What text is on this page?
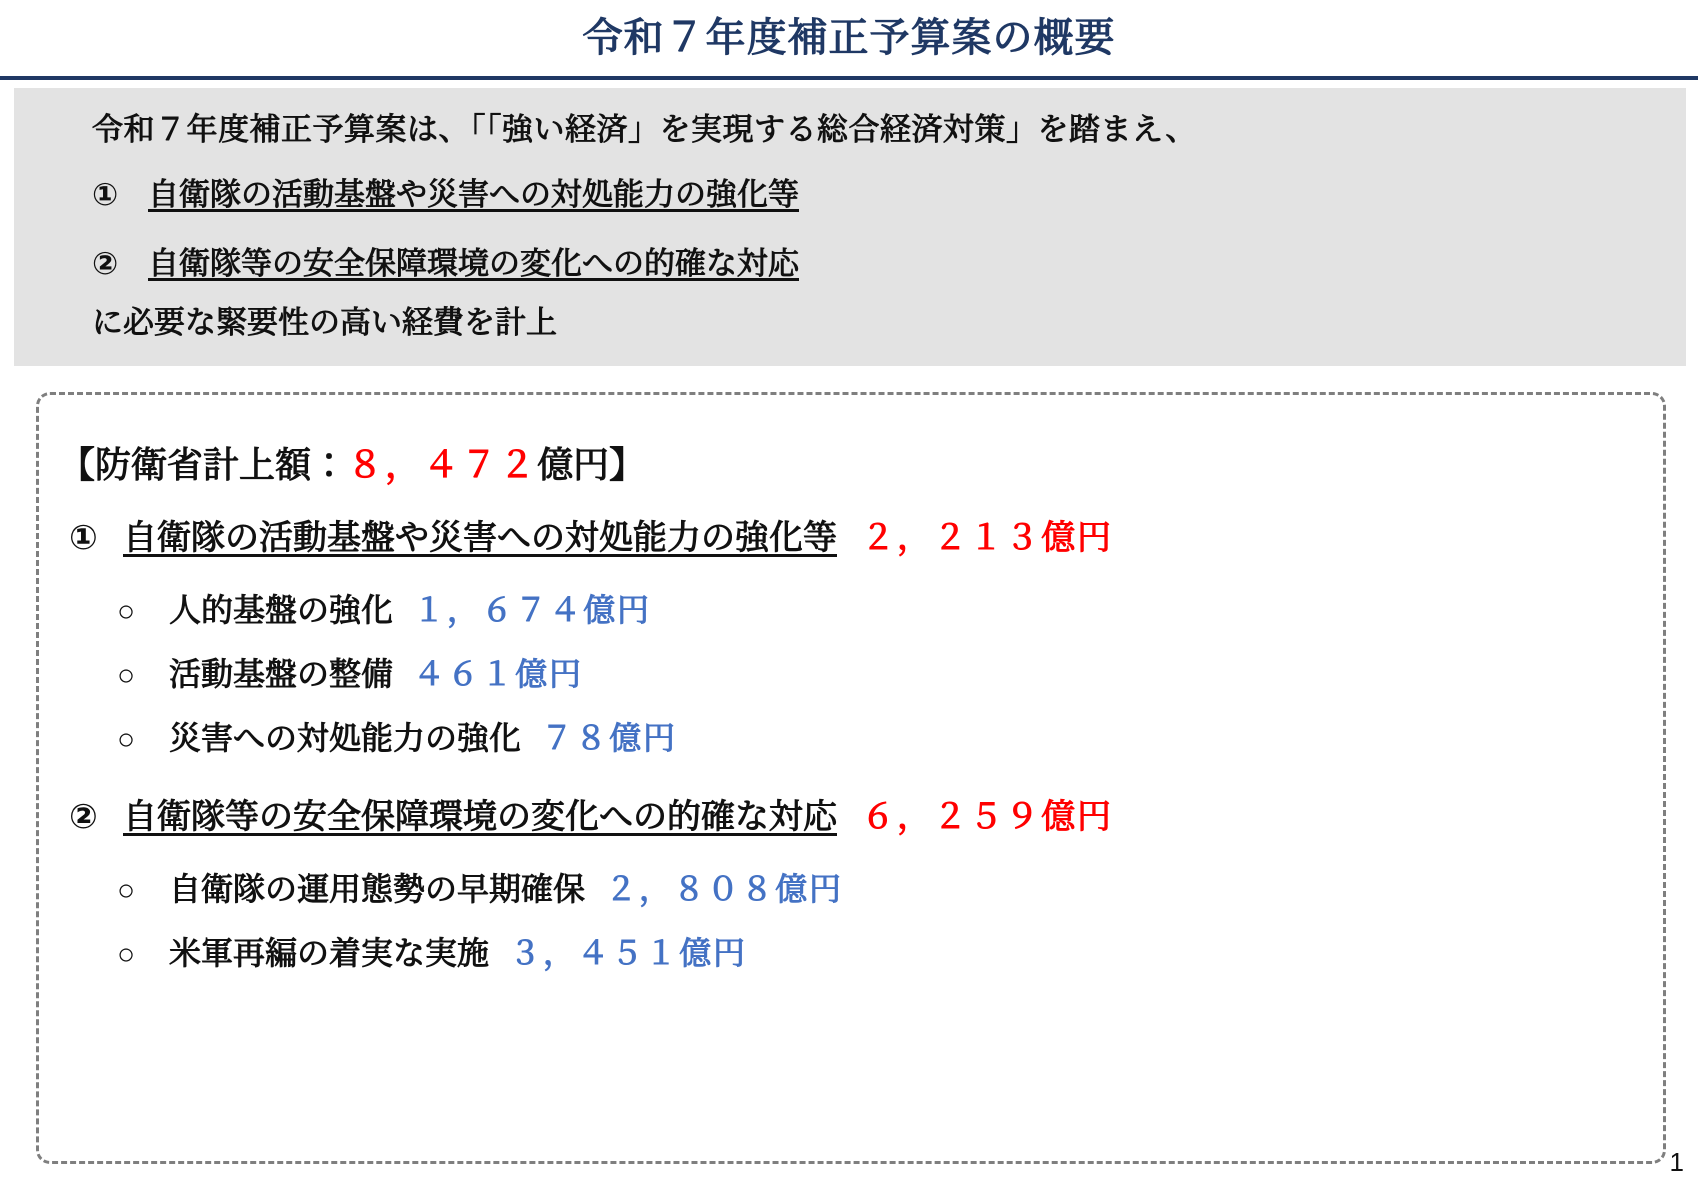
令和７年度補正予算案の概要
令和７年度補正予算案は、「「強い経済」を実現する総合経済対策」を踏まえ、
① 自衛隊の活動基盤や災害への対処能力の強化等
② 自衛隊等の安全保障環境の変化への的確な対応
に必要な緊要性の高い経費を計上
【防衛省計上額：８，４７２億円】
① 自衛隊の活動基盤や災害への対処能力の強化等 ２，２１３億円
○	人的基盤の強化 １，６７４億円
○	活動基盤の整備 ４６１億円
○	災害への対処能力の強化 ７８億円
② 自衛隊等の安全保障環境の変化への的確な対応 ６，２５９億円
○	自衛隊の運用態勢の早期確保 ２，８０８億円
○	米軍再編の着実な実施 ３，４５１億円
1
